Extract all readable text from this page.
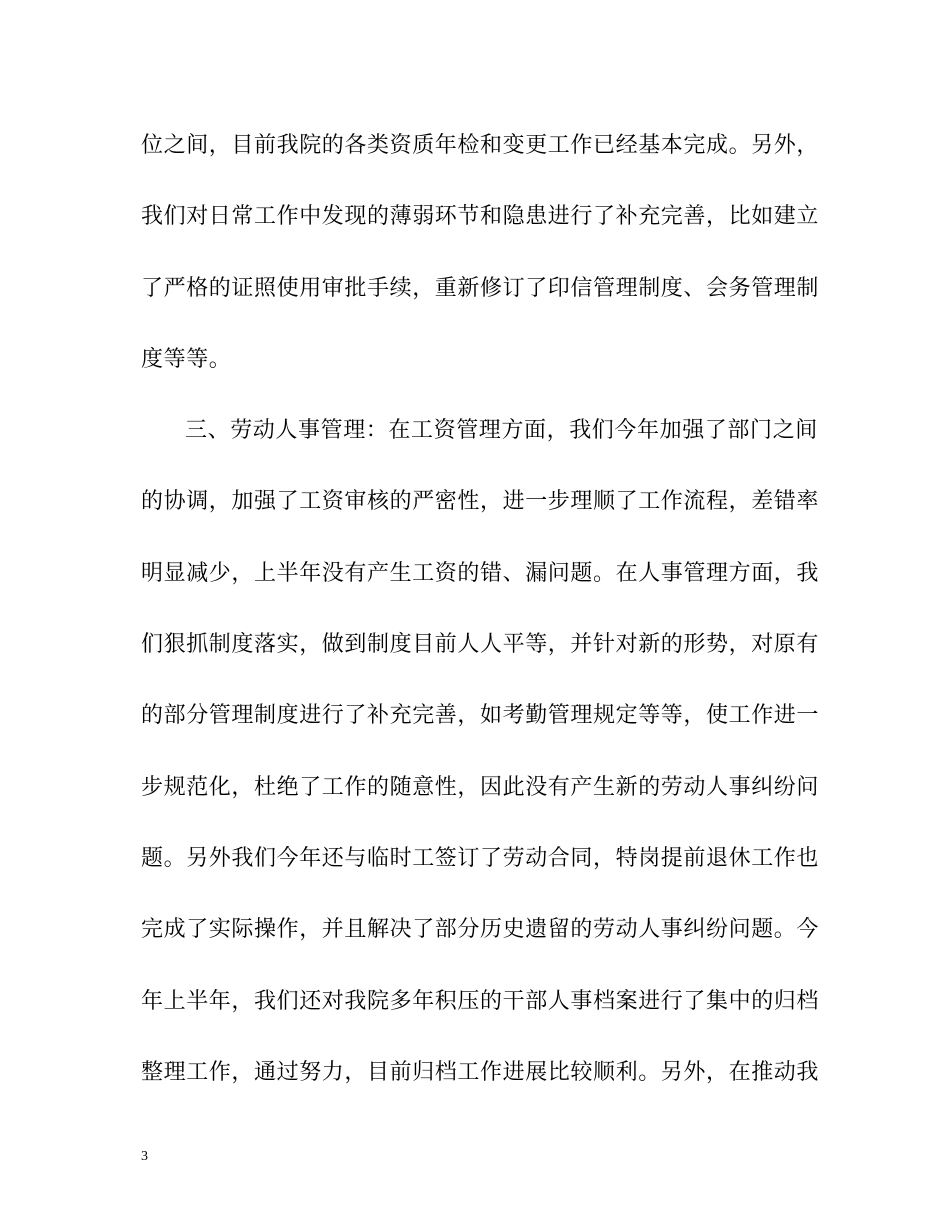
位之间，目前我院的各类资质年检和变更工作已经基本完成。另外，
我们对日常工作中发现的薄弱环节和隐患进行了补充完善，比如建立
了严格的证照使用审批手续，重新修订了印信管理制度、会务管理制
度等等。
三、劳动人事管理：在工资管理方面，我们今年加强了部门之间
的协调，加强了工资审核的严密性，进一步理顺了工作流程，差错率
明显减少，上半年没有产生工资的错、漏问题。在人事管理方面，我
们狠抓制度落实，做到制度目前人人平等，并针对新的形势，对原有
的部分管理制度进行了补充完善，如考勤管理规定等等，使工作进一
步规范化，杜绝了工作的随意性，因此没有产生新的劳动人事纠纷问
题。另外我们今年还与临时工签订了劳动合同，特岗提前退休工作也
完成了实际操作，并且解决了部分历史遗留的劳动人事纠纷问题。今
年上半年，我们还对我院多年积压的干部人事档案进行了集中的归档
整理工作，通过努力，目前归档工作进展比较顺利。另外，在推动我
3
